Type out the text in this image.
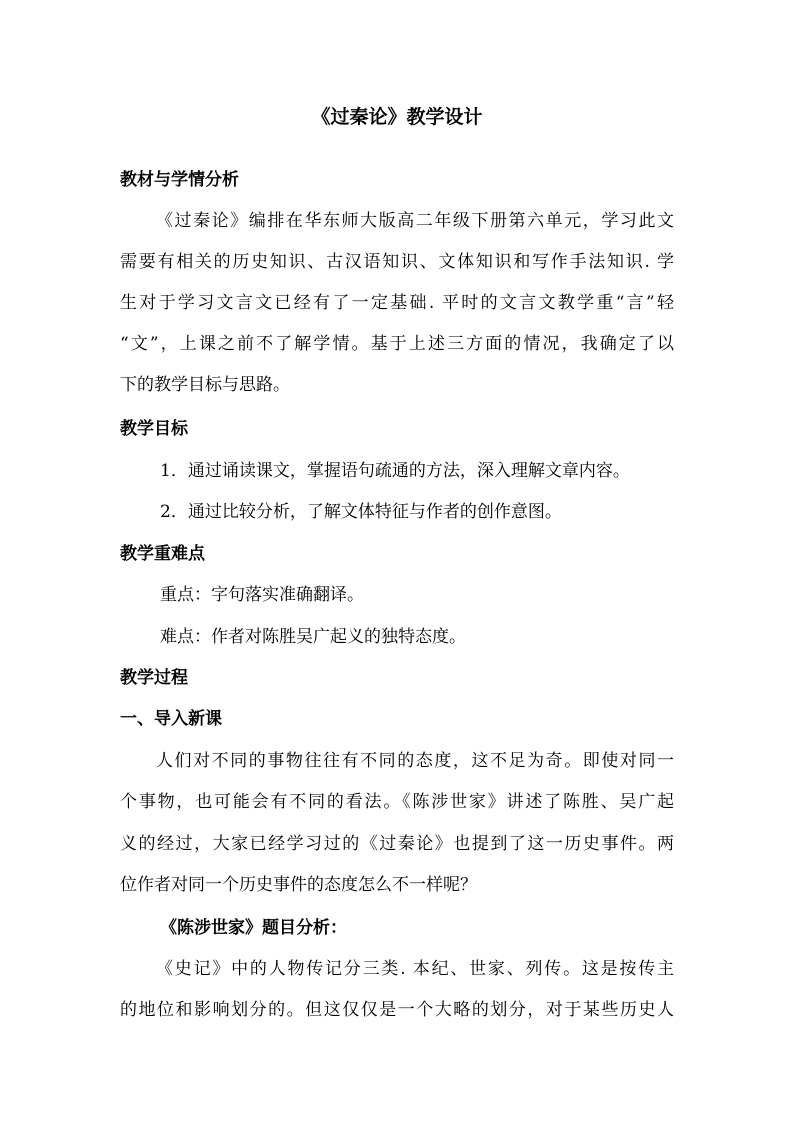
《过秦论》教学设计
教材与学情分析
《过秦论》编排在华东师大版高二年级下册第六单元，学习此文
需要有相关的历史知识、古汉语知识、文体知识和写作手法知识. 学
生对于学习文言文已经有了一定基础. 平时的文言文教学重“言”轻
“文”，上课之前不了解学情。基于上述三方面的情况，我确定了以
下的教学目标与思路。
教学目标
1．通过诵读课文，掌握语句疏通的方法，深入理解文章内容。
2．通过比较分析，了解文体特征与作者的创作意图。
教学重难点
重点：字句落实准确翻译。
难点：作者对陈胜吴广起义的独特态度。
教学过程
一、导入新课
人们对不同的事物往往有不同的态度，这不足为奇。即使对同一
个事物，也可能会有不同的看法。《陈涉世家》讲述了陈胜、吴广起
义的经过，大家已经学习过的《过秦论》也提到了这一历史事件。两
位作者对同一个历史事件的态度怎么不一样呢？
《陈涉世家》题目分析：
《史记》中的人物传记分三类. 本纪、世家、列传。这是按传主
的地位和影响划分的。但这仅仅是一个大略的划分，对于某些历史人
